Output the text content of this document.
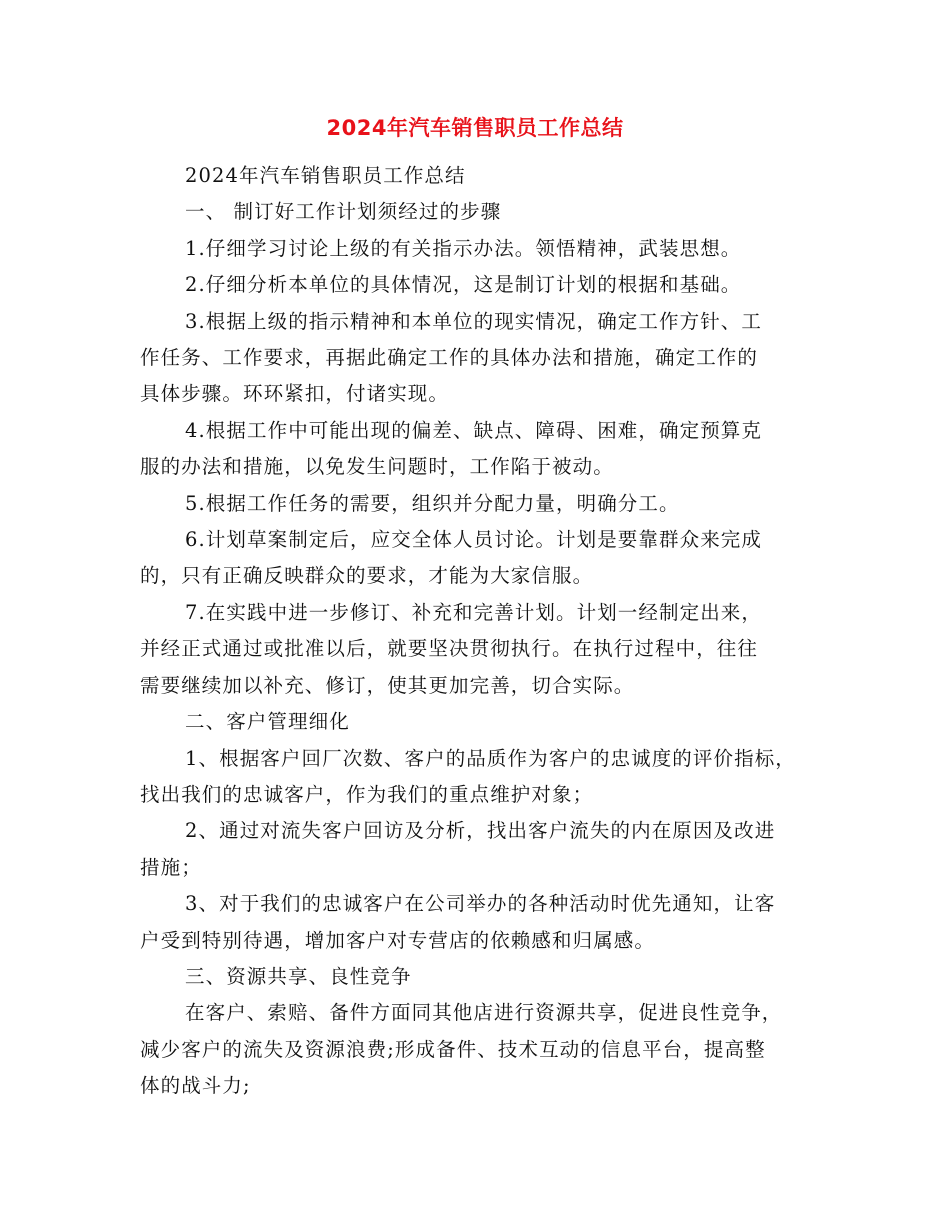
2024年汽车销售职员工作总结

2024年汽车销售职员工作总结

一、 制订好工作计划须经过的步骤

1.仔细学习讨论上级的有关指示办法。领悟精神，武装思想。

2.仔细分析本单位的具体情况，这是制订计划的根据和基础。

3.根据上级的指示精神和本单位的现实情况，确定工作方针、工
作任务、工作要求，再据此确定工作的具体办法和措施，确定工作的
具体步骤。环环紧扣，付诸实现。

4.根据工作中可能出现的偏差、缺点、障碍、困难，确定预算克
服的办法和措施，以免发生问题时，工作陷于被动。

5.根据工作任务的需要，组织并分配力量，明确分工。

6.计划草案制定后，应交全体人员讨论。计划是要靠群众来完成
的，只有正确反映群众的要求，才能为大家信服。

7.在实践中进一步修订、补充和完善计划。计划一经制定出来，
并经正式通过或批准以后，就要坚决贯彻执行。在执行过程中，往往
需要继续加以补充、修订，使其更加完善，切合实际。

二、客户管理细化

1、根据客户回厂次数、客户的品质作为客户的忠诚度的评价指标，
找出我们的忠诚客户，作为我们的重点维护对象；

2、通过对流失客户回访及分析，找出客户流失的内在原因及改进
措施；

3、对于我们的忠诚客户在公司举办的各种活动时优先通知，让客
户受到特别待遇，增加客户对专营店的依赖感和归属感。

三、资源共享、良性竞争

在客户、索赔、备件方面同其他店进行资源共享，促进良性竞争，
减少客户的流失及资源浪费;形成备件、技术互动的信息平台，提高整
体的战斗力;
